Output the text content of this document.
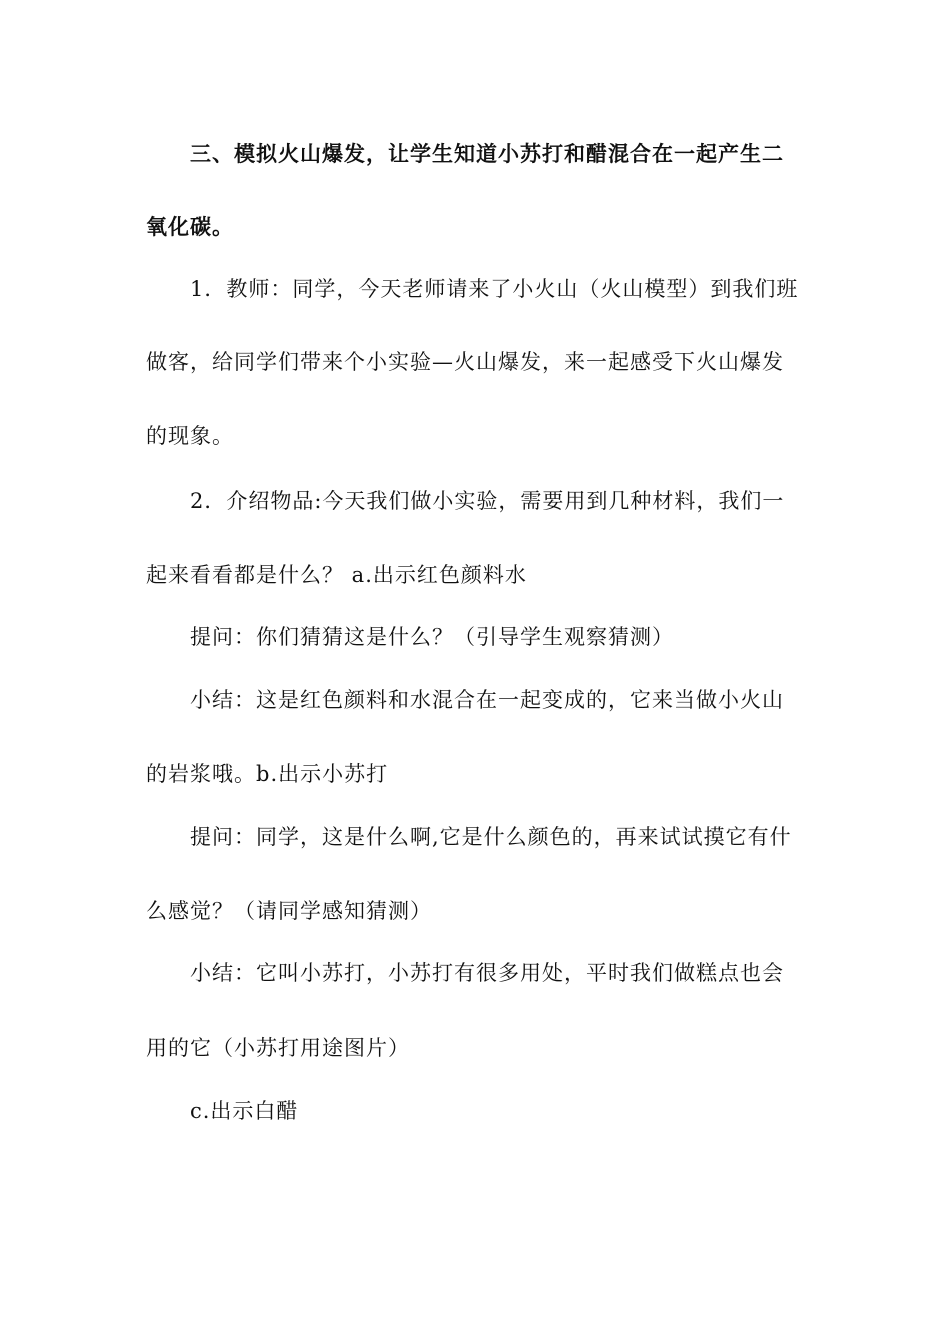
三、模拟火山爆发，让学生知道小苏打和醋混合在一起产生二
氧化碳。
1．教师：同学，今天老师请来了小火山（火山模型）到我们班
做客，给同学们带来个小实验—火山爆发，来一起感受下火山爆发
的现象。
2．介绍物品:今天我们做小实验，需要用到几种材料，我们一
起来看看都是什么？ a.出示红色颜料水
提问：你们猜猜这是什么？（引导学生观察猜测）
小结：这是红色颜料和水混合在一起变成的，它来当做小火山
的岩浆哦。b.出示小苏打
提问：同学，这是什么啊,它是什么颜色的，再来试试摸它有什
么感觉？（请同学感知猜测）
小结：它叫小苏打，小苏打有很多用处，平时我们做糕点也会
用的它（小苏打用途图片）
c.出示白醋
